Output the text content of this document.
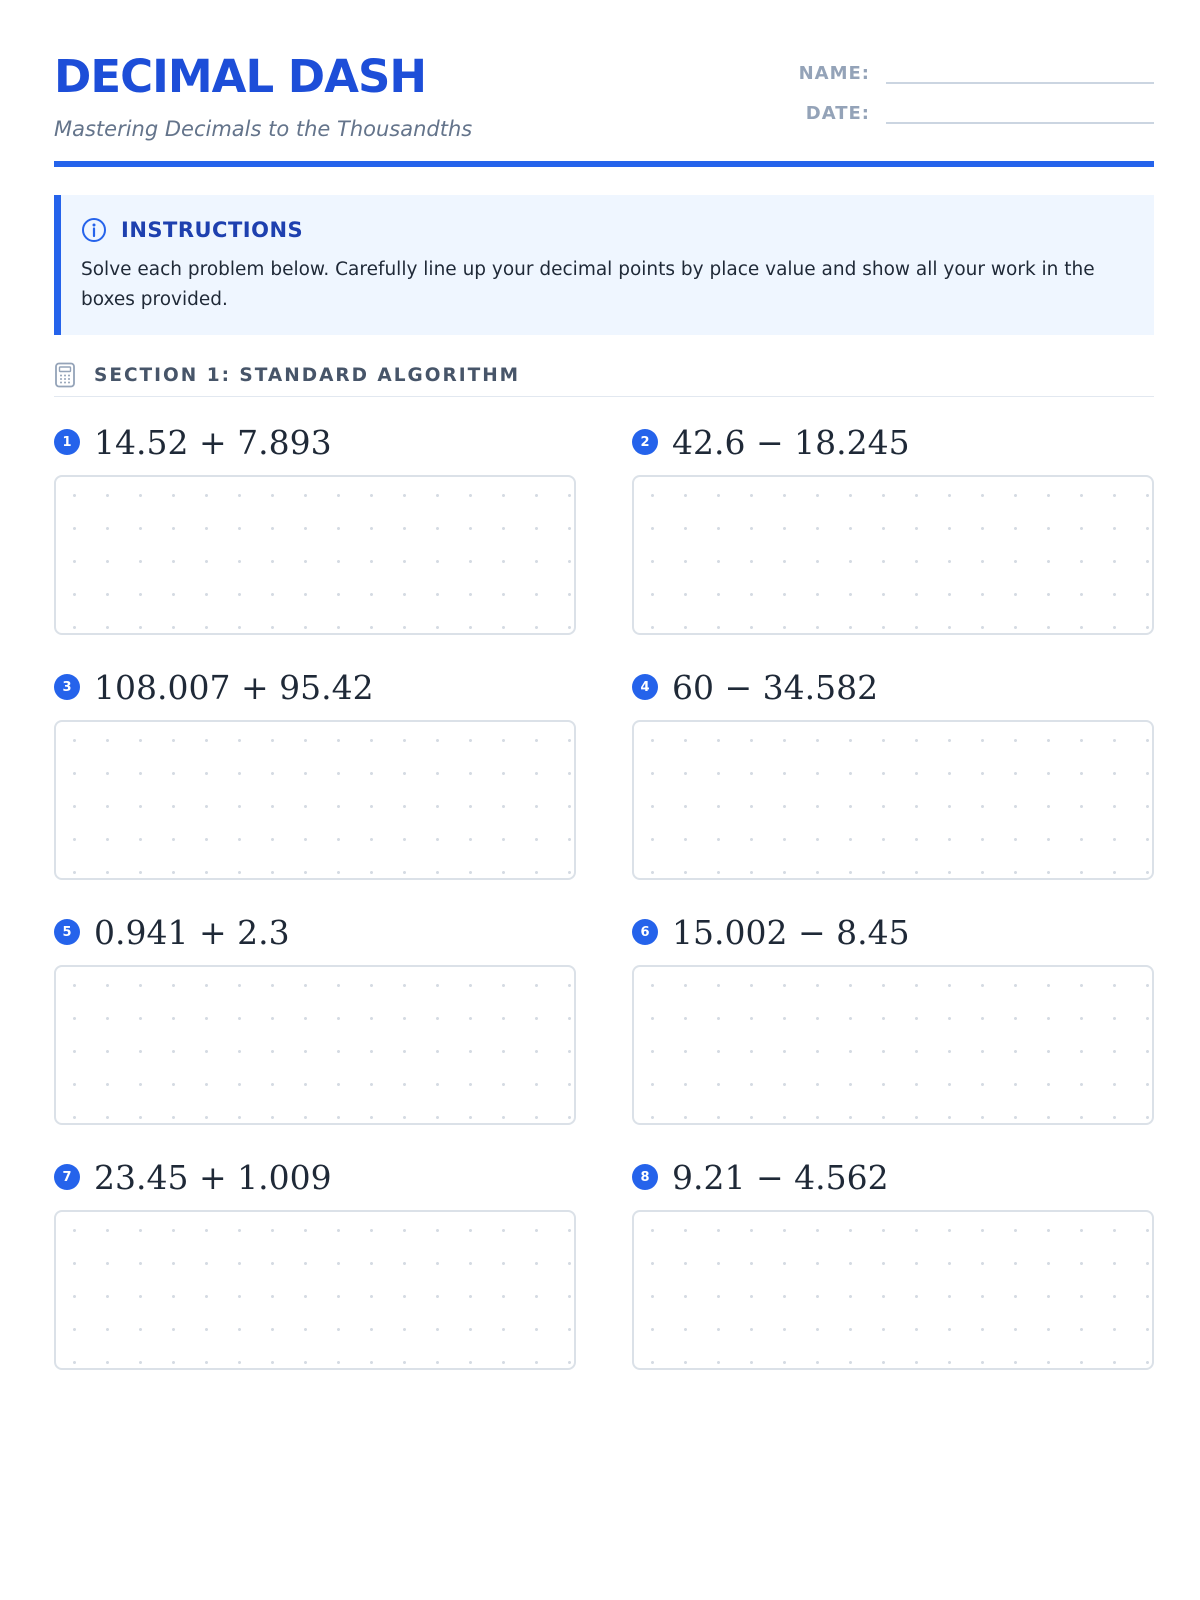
DECIMAL DASH

Mastering Decimals to the Thousandths

NAME:
DATE:
INSTRUCTIONS
Solve each problem below. Carefully line up your decimal points by place value and show all your work in the boxes provided.
SECTION 1: STANDARD ALGORITHM
1 14.52 + 7.893	2 42.6 − 18.245
3 108.007 + 95.42	4 60 − 34.582
5 0.941 + 2.3	6 15.002 − 8.45
7 23.45 + 1.009	8 9.21 − 4.562
